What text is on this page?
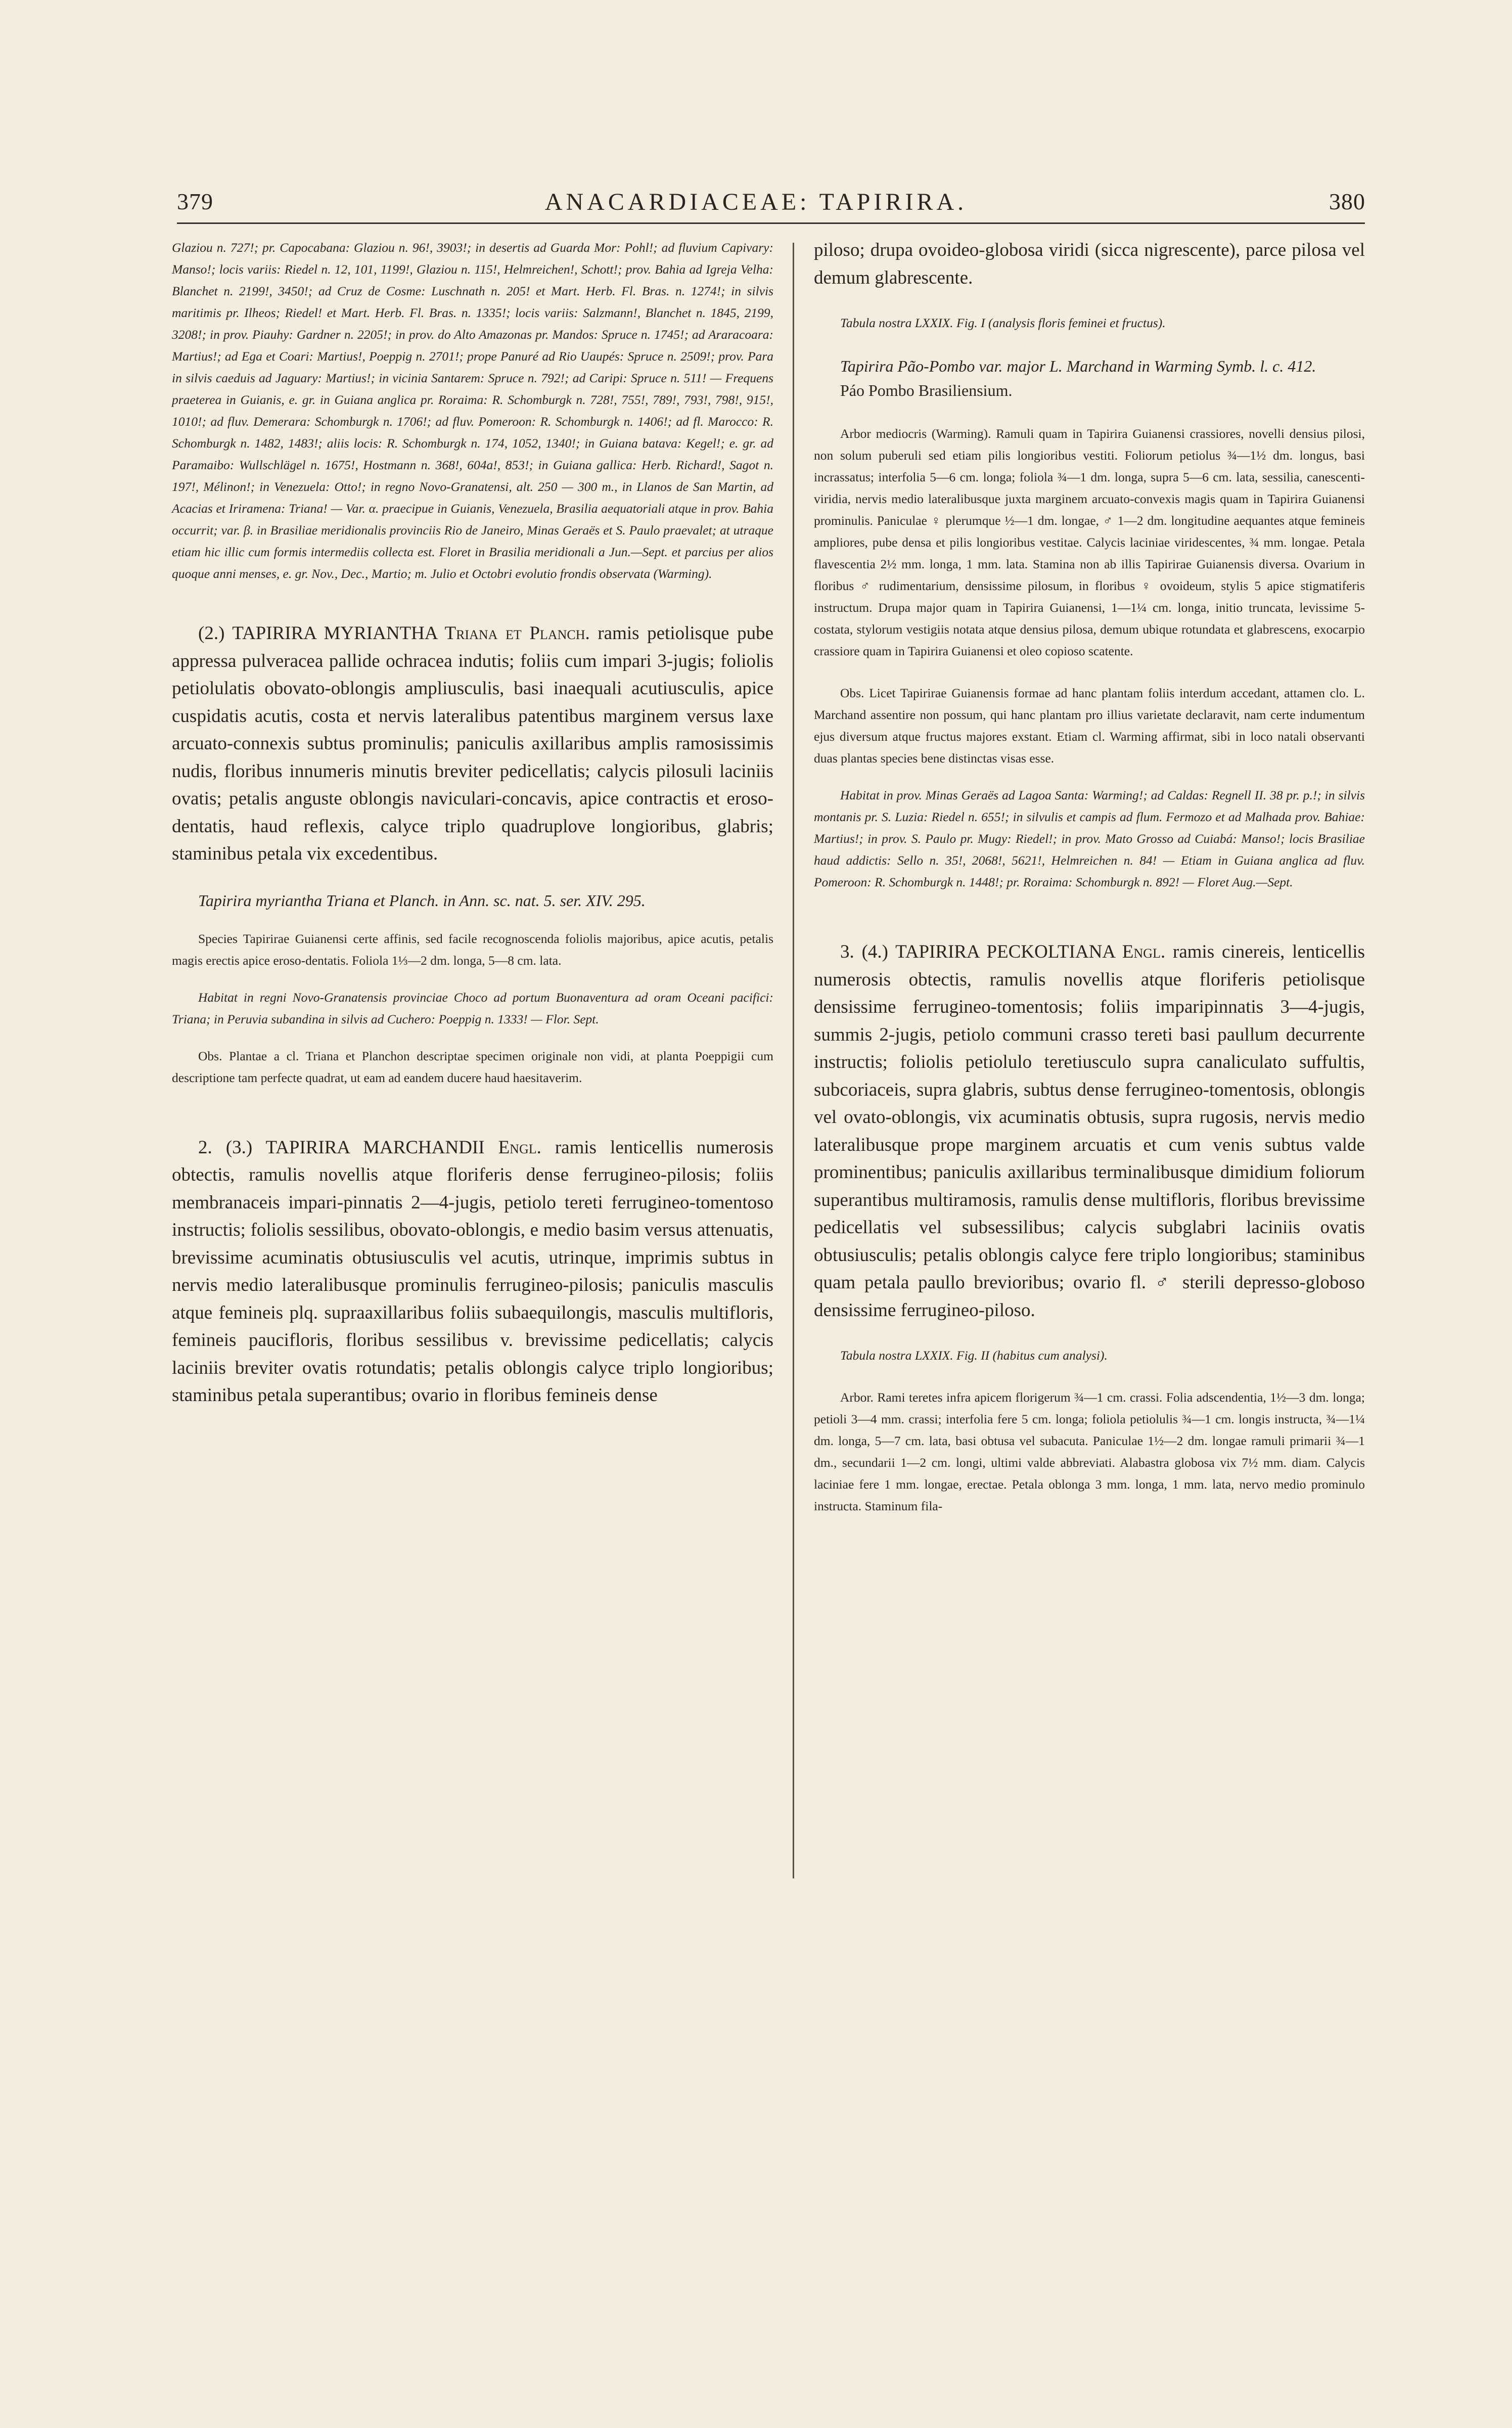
379	ANACARDIACEAE: TAPIRIRA.	380

Glaziou n. 727!; pr. Capocabana: Glaziou n. 96!, 3903!; in desertis ad Guarda Mor: Pohl!; ad fluvium Capivary: Manso!; locis variis: Riedel n. 12, 101, 1199!, Glaziou n. 115!, Helmreichen!, Schott!; prov. Bahia ad Igreja Velha: Blanchet n. 2199!, 3450!; ad Cruz de Cosme: Luschnath n. 205! et Mart. Herb. Fl. Bras. n. 1274!; in silvis maritimis pr. Ilheos; Riedel! et Mart. Herb. Fl. Bras. n. 1335!; locis variis: Salzmann!, Blanchet n. 1845, 2199, 3208!; in prov. Piauhy: Gardner n. 2205!; in prov. do Alto Amazonas pr. Mandos: Spruce n. 1745!; ad Araracoara: Martius!; ad Ega et Coari: Martius!, Poeppig n. 2701!; prope Panuré ad Rio Uaupés: Spruce n. 2509!; prov. Para in silvis caeduis ad Jaguary: Martius!; in vicinia Santarem: Spruce n. 792!; ad Caripi: Spruce n. 511! — Frequens praeterea in Guianis, e. gr. in Guiana anglica pr. Roraima: R. Schomburgk n. 728!, 755!, 789!, 793!, 798!, 915!, 1010!; ad fluv. Demerara: Schomburgk n. 1706!; ad fluv. Pomeroon: R. Schomburgk n. 1406!; ad fl. Marocco: R. Schomburgk n. 1482, 1483!; aliis locis: R. Schomburgk n. 174, 1052, 1340!; in Guiana batava: Kegel!; e. gr. ad Paramaibo: Wullschlägel n. 1675!, Hostmann n. 368!, 604a!, 853!; in Guiana gallica: Herb. Richard!, Sagot n. 197!, Mélinon!; in Venezuela: Otto!; in regno Novo-Granatensi, alt. 250 — 300 m., in Llanos de San Martin, ad Acacias et Iriramena: Triana! — Var. α. praecipue in Guianis, Venezuela, Brasilia aequatoriali atque in prov. Bahia occurrit; var. β. in Brasiliae meridionalis provinciis Rio de Janeiro, Minas Geraës et S. Paulo praevalet; at utraque etiam hic illic cum formis intermediis collecta est. Floret in Brasilia meridionali a Jun.—Sept. et parcius per alios quoque anni menses, e. gr. Nov., Dec., Martio; m. Julio et Octobri evolutio frondis observata (Warming).

(2.) TAPIRIRA MYRIANTHA Triana et Planch. ramis petiolisque pube appressa pulveracea pallide ochracea indutis; foliis cum impari 3-jugis; foliolis petiolulatis obovato-oblongis ampliusculis, basi inaequali acutiusculis, apice cuspidatis acutis, costa et nervis lateralibus patentibus marginem versus laxe arcuato-connexis subtus prominulis; paniculis axillaribus amplis ramosissimis nudis, floribus innumeris minutis breviter pedicellatis; calycis pilosuli laciniis ovatis; petalis anguste oblongis naviculari-concavis, apice contractis et eroso-dentatis, haud reflexis, calyce triplo quadruplove longioribus, glabris; staminibus petala vix excedentibus.

Tapirira myriantha Triana et Planch. in Ann. sc. nat. 5. ser. XIV. 295.

Species Tapirirae Guianensi certe affinis, sed facile recognoscenda foliolis majoribus, apice acutis, petalis magis erectis apice eroso-dentatis. Foliola 1⅓—2 dm. longa, 5—8 cm. lata.

Habitat in regni Novo-Granatensis provinciae Choco ad portum Buonaventura ad oram Oceani pacifici: Triana; in Peruvia subandina in silvis ad Cuchero: Poeppig n. 1333! — Flor. Sept.

Obs. Plantae a cl. Triana et Planchon descriptae specimen originale non vidi, at planta Poeppigii cum descriptione tam perfecte quadrat, ut eam ad eandem ducere haud haesitaverim.

2. (3.) TAPIRIRA MARCHANDII Engl. ramis lenticellis numerosis obtectis, ramulis novellis atque floriferis dense ferrugineo-pilosis; foliis membranaceis impari-pinnatis 2—4-jugis, petiolo tereti ferrugineo-tomentoso instructis; foliolis sessilibus, obovato-oblongis, e medio basim versus attenuatis, brevissime acuminatis obtusiusculis vel acutis, utrinque, imprimis subtus in nervis medio lateralibusque prominulis ferrugineo-pilosis; paniculis masculis atque femineis plq. supraaxillaribus foliis subaequilongis, masculis multifloris, femineis paucifloris, floribus sessilibus v. brevissime pedicellatis; calycis laciniis breviter ovatis rotundatis; petalis oblongis calyce triplo longioribus; staminibus petala superantibus; ovario in floribus femineis dense

piloso; drupa ovoideo-globosa viridi (sicca nigrescente), parce pilosa vel demum glabrescente.

Tabula nostra LXXIX. Fig. I (analysis floris feminei et fructus).

Tapirira Pão-Pombo var. major L. Marchand in Warming Symb. l. c. 412.

Páo Pombo Brasiliensium.

Arbor mediocris (Warming). Ramuli quam in Tapirira Guianensi crassiores, novelli densius pilosi, non solum puberuli sed etiam pilis longioribus vestiti. Foliorum petiolus ¾—1½ dm. longus, basi incrassatus; interfolia 5—6 cm. longa; foliola ¾—1 dm. longa, supra 5—6 cm. lata, sessilia, canescenti-viridia, nervis medio lateralibusque juxta marginem arcuato-convexis magis quam in Tapirira Guianensi prominulis. Paniculae ♀ plerumque ½—1 dm. longae, ♂ 1—2 dm. longitudine aequantes atque femineis ampliores, pube densa et pilis longioribus vestitae. Calycis laciniae viridescentes, ¾ mm. longae. Petala flavescentia 2½ mm. longa, 1 mm. lata. Stamina non ab illis Tapirirae Guianensis diversa. Ovarium in floribus ♂ rudimentarium, densissime pilosum, in floribus ♀ ovoideum, stylis 5 apice stigmatiferis instructum. Drupa major quam in Tapirira Guianensi, 1—1¼ cm. longa, initio truncata, levissime 5-costata, stylorum vestigiis notata atque densius pilosa, demum ubique rotundata et glabrescens, exocarpio crassiore quam in Tapirira Guianensi et oleo copioso scatente.

Obs. Licet Tapirirae Guianensis formae ad hanc plantam foliis interdum accedant, attamen clo. L. Marchand assentire non possum, qui hanc plantam pro illius varietate declaravit, nam certe indumentum ejus diversum atque fructus majores exstant. Etiam cl. Warming affirmat, sibi in loco natali observanti duas plantas species bene distinctas visas esse.

Habitat in prov. Minas Geraës ad Lagoa Santa: Warming!; ad Caldas: Regnell II. 38 pr. p.!; in silvis montanis pr. S. Luzia: Riedel n. 655!; in silvulis et campis ad flum. Fermozo et ad Malhada prov. Bahiae: Martius!; in prov. S. Paulo pr. Mugy: Riedel!; in prov. Mato Grosso ad Cuiabá: Manso!; locis Brasiliae haud addictis: Sello n. 35!, 2068!, 5621!, Helmreichen n. 84! — Etiam in Guiana anglica ad fluv. Pomeroon: R. Schomburgk n. 1448!; pr. Roraima: Schomburgk n. 892! — Floret Aug.—Sept.

3. (4.) TAPIRIRA PECKOLTIANA Engl. ramis cinereis, lenticellis numerosis obtectis, ramulis novellis atque floriferis petiolisque densissime ferrugineo-tomentosis; foliis imparipinnatis 3—4-jugis, summis 2-jugis, petiolo communi crasso tereti basi paullum decurrente instructis; foliolis petiolulo teretiusculo supra canaliculato suffultis, subcoriaceis, supra glabris, subtus dense ferrugineo-tomentosis, oblongis vel ovato-oblongis, vix acuminatis obtusis, supra rugosis, nervis medio lateralibusque prope marginem arcuatis et cum venis subtus valde prominentibus; paniculis axillaribus terminalibusque dimidium foliorum superantibus multiramosis, ramulis dense multifloris, floribus brevissime pedicellatis vel subsessilibus; calycis subglabri laciniis ovatis obtusiusculis; petalis oblongis calyce fere triplo longioribus; staminibus quam petala paullo brevioribus; ovario fl. ♂ sterili depresso-globoso densissime ferrugineo-piloso.

Tabula nostra LXXIX. Fig. II (habitus cum analysi).

Arbor. Rami teretes infra apicem florigerum ¾—1 cm. crassi. Folia adscendentia, 1½—3 dm. longa; petioli 3—4 mm. crassi; interfolia fere 5 cm. longa; foliola petiolulis ¾—1 cm. longis instructa, ¾—1¼ dm. longa, 5—7 cm. lata, basi obtusa vel subacuta. Paniculae 1½—2 dm. longae ramuli primarii ¾—1 dm., secundarii 1—2 cm. longi, ultimi valde abbreviati. Alabastra globosa vix 7½ mm. diam. Calycis laciniae fere 1 mm. longae, erectae. Petala oblonga 3 mm. longa, 1 mm. lata, nervo medio prominulo instructa. Staminum fila-
